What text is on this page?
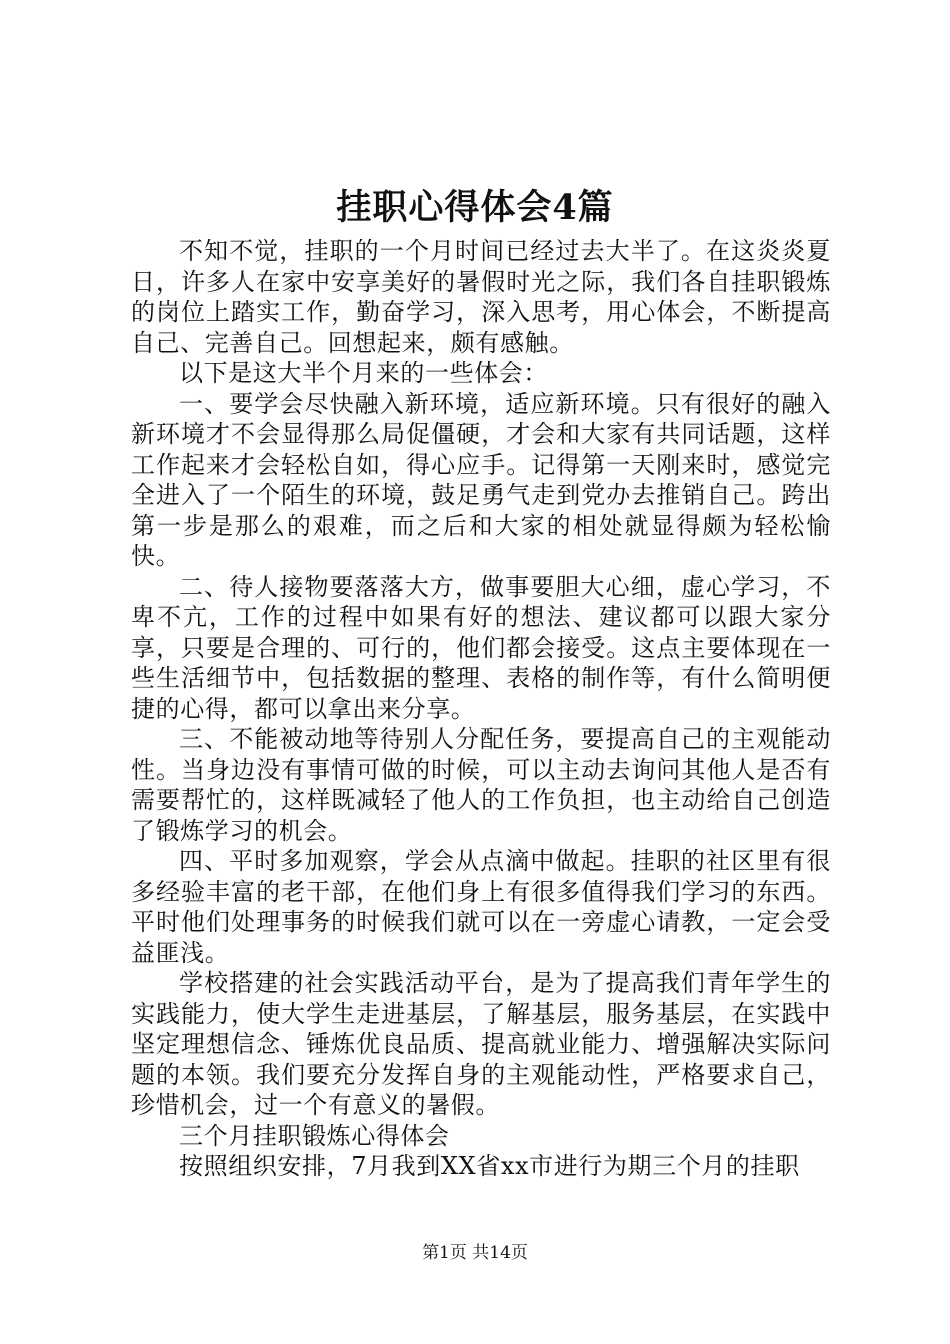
挂职心得体会4篇

不知不觉，挂职的一个月时间已经过去大半了。在这炎炎夏日，许多人在家中安享美好的暑假时光之际，我们各自挂职锻炼的岗位上踏实工作，勤奋学习，深入思考，用心体会，不断提高自己、完善自己。回想起来，颇有感触。

以下是这大半个月来的一些体会：

一、要学会尽快融入新环境，适应新环境。只有很好的融入新环境才不会显得那么局促僵硬，才会和大家有共同话题，这样工作起来才会轻松自如，得心应手。记得第一天刚来时，感觉完全进入了一个陌生的环境，鼓足勇气走到党办去推销自己。跨出第一步是那么的艰难，而之后和大家的相处就显得颇为轻松愉快。

二、待人接物要落落大方，做事要胆大心细，虚心学习，不卑不亢，工作的过程中如果有好的想法、建议都可以跟大家分享，只要是合理的、可行的，他们都会接受。这点主要体现在一些生活细节中，包括数据的整理、表格的制作等，有什么简明便捷的心得，都可以拿出来分享。

三、不能被动地等待别人分配任务，要提高自己的主观能动性。当身边没有事情可做的时候，可以主动去询问其他人是否有需要帮忙的，这样既减轻了他人的工作负担，也主动给自己创造了锻炼学习的机会。

四、平时多加观察，学会从点滴中做起。挂职的社区里有很多经验丰富的老干部，在他们身上有很多值得我们学习的东西。平时他们处理事务的时候我们就可以在一旁虚心请教，一定会受益匪浅。

学校搭建的社会实践活动平台，是为了提高我们青年学生的实践能力，使大学生走进基层，了解基层，服务基层，在实践中坚定理想信念、锤炼优良品质、提高就业能力、增强解决实际问题的本领。我们要充分发挥自身的主观能动性，严格要求自己，珍惜机会，过一个有意义的暑假。

三个月挂职锻炼心得体会

按照组织安排，7月我到XX省xx市进行为期三个月的挂职

第1页 共14页
